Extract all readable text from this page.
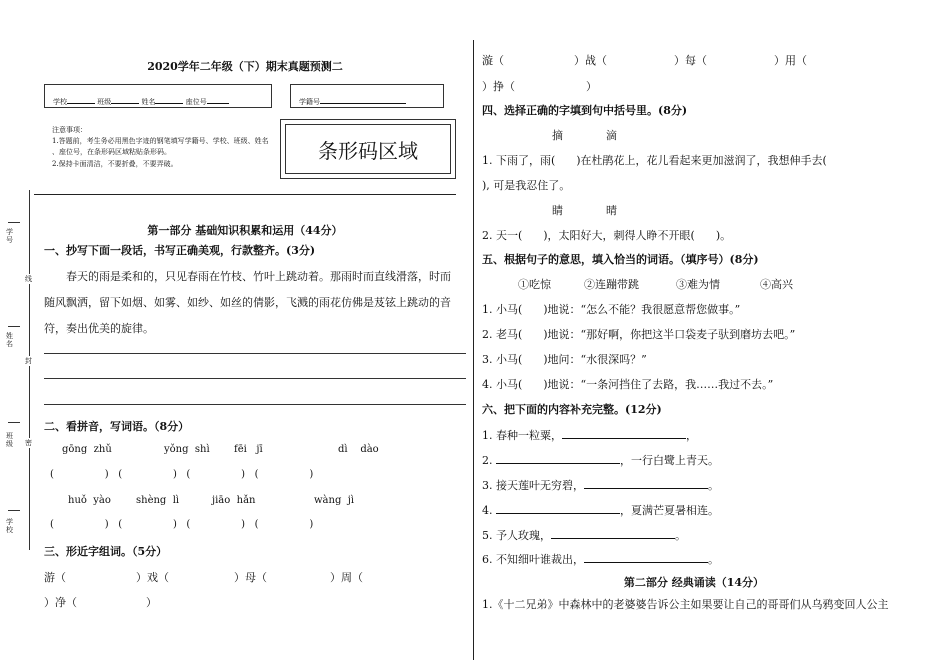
学号
线
姓名
封
班级	密
学校
2020学年二年级（下）期末真题预测二
学校	班级	姓名	座位号	学籍号
注意事项：
1.答题前，考生务必用黑色字迹的钢笔填写学籍号、学校、班级、姓名
、座位号，在条形码区域粘贴条形码。
2.保持卡面清洁，不要折叠，不要弄破。
条形码区域
第一部分 基础知识积累和运用（44分）
一、抄写下面一段话，书写正确美观，行款整齐。(3分)
春天的雨是柔和的，只见春雨在竹枝、竹叶上跳动着。那雨时而直线滑落，时而
随风飘洒，留下如烟、如雾、如纱、如丝的倩影，飞溅的雨花仿佛是芨铉上跳动的音
符，奏出优美的旋律。
二、看拼音，写词语。（8分）
gōng  zhǔ	yǒng  shì fēi   jī	dì    dào
(                )   (                )   (                )   (                )
huǒ  yào	shèng  lì	jiāo  hǎn	wàng  jì
(                )   (                )   (                )   (                )
三、形近字组词。（5分）
游（	）戏（	）母（	）周（
）净（	）
漩（	）战（	）每（	）用（
）挣（	）
四、选择正确的字填到句中括号里。(8分)
摘	滴
1. 下雨了，雨(      )在杜鹃花上，花儿看起来更加滋润了，我想伸手去(
), 可是我忍住了。
睛	晴
2. 天一(      )，太阳好大，刺得人睁不开眼(      )。
五、根据句子的意思，填入恰当的词语。（填序号）(8分)
①吃惊	②连蹦带跳	③难为情	④高兴
1. 小马(      )地说：“怎么不能？我很愿意帮您做事。”
2. 老马(      )地说：“那好啊，你把这半口袋麦子驮到磨坊去吧。”
3. 小马(      )地问：“水很深吗？”
4. 小马(      )地说：“一条河挡住了去路，我……我过不去。”
六、把下面的内容补充完整。(12分)
1. 春种一粒粟，	，
2.	，一行白鹭上青天。
3. 接天莲叶无穷碧，	。
4.	，夏满芒夏暑相连。
5. 予人玫瑰，	。
6. 不知细叶谁裁出，	。
第二部分 经典诵读（14分）
1.《十二兄弟》中森林中的老婆婆告诉公主如果要让自己的哥哥们从乌鸦变回人公主
